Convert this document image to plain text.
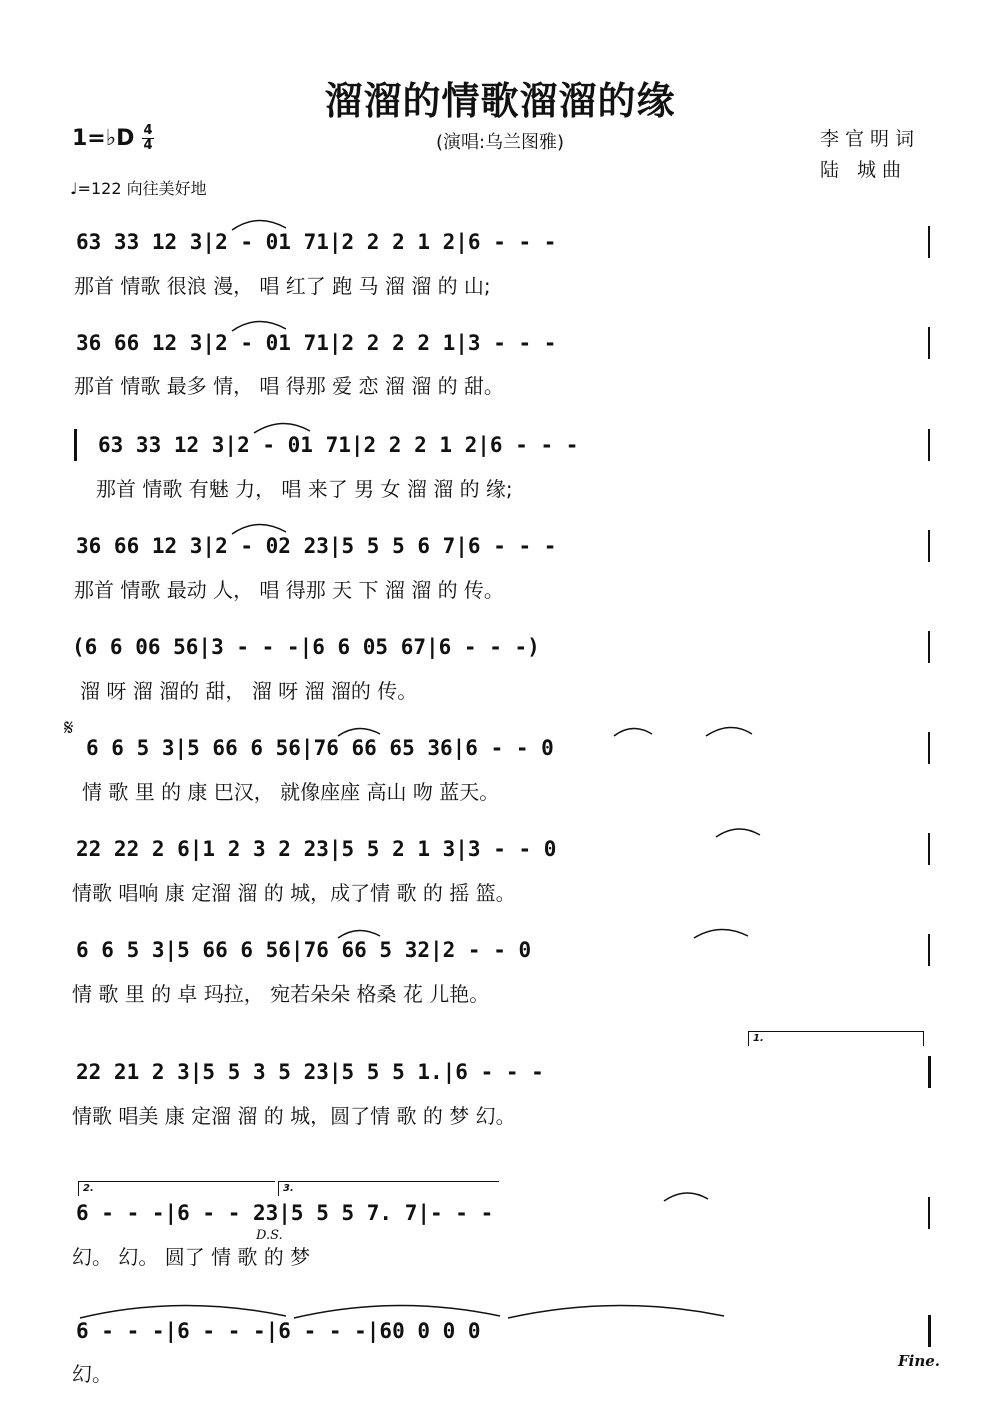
溜溜的情歌溜溜的缘
1=♭D 4
4	(演唱:乌兰图雅)	李官明词
陆 城曲
♩=122 向往美好地
𝄋
D.S.
Fine.
63 33 12 3|2 - 01 71|2 2 2 1 2|6 - - -
那首 情歌 很浪 漫， 唱 红了 跑 马 溜 溜 的 山;
36 66 12 3|2 - 01 71|2 2 2 2 1|3 - - -
那首 情歌 最多 情， 唱 得那 爱 恋 溜 溜 的 甜。
63 33 12 3|2 - 01 71|2 2 2 1 2|6 - - -
那首 情歌 有魅 力， 唱 来了 男 女 溜 溜 的 缘;
36 66 12 3|2 - 02 23|5 5 5 6 7|6 - - -
那首 情歌 最动 人， 唱 得那 天 下 溜 溜 的 传。
(6 6 06 56|3 - - -|6 6 05 67|6 - - -)
溜 呀 溜 溜的 甜， 溜 呀 溜 溜的 传。
6 6 5 3|5 66 6 56|76 66 65 36|6 - - 0
情 歌 里 的 康 巴汉， 就像座座 高山 吻 蓝天。
22 22 2 6|1 2 3 2 23|5 5 2 1 3|3 - - 0
情歌 唱响 康 定溜 溜 的 城，成了情 歌 的 摇 篮。
6 6 5 3|5 66 6 56|76 66 5 32|2 - - 0
情 歌 里 的 卓 玛拉， 宛若朵朵 格桑 花 儿艳。
22 21 2 3|5 5 3 5 23|5 5 5 1.|6 - - -
情歌 唱美 康 定溜 溜 的 城，圆了情 歌 的 梦 幻。
6 - - -|6 - - 23|5 5 5 7. 7|- - -
幻。 幻。 圆了 情 歌 的 梦
6 - - -|6 - - -|6 - - -|60 0 0 0
幻。
1.
2.	3.
